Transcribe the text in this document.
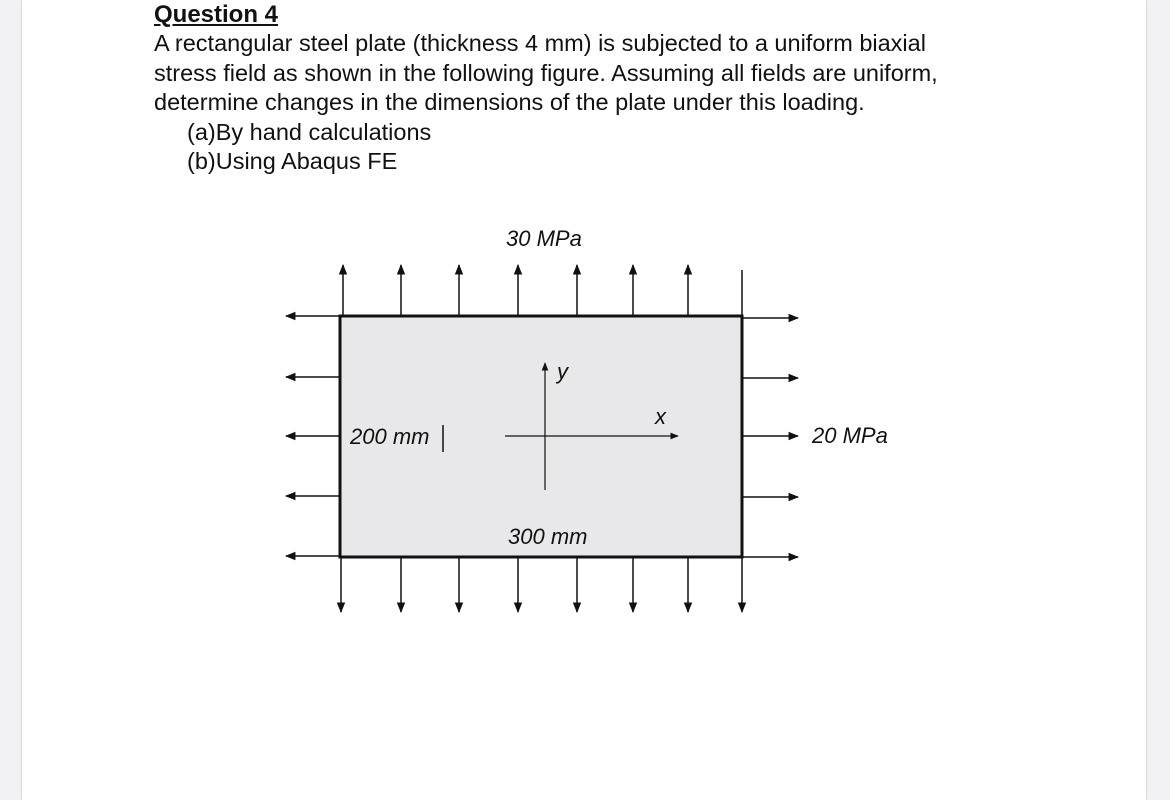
Question 4

A rectangular steel plate (thickness 4 mm) is subjected to a uniform biaxial
stress field as shown in the following figure. Assuming all fields are uniform,
determine changes in the dimensions of the plate under this loading.

(a)By hand calculations
(b)Using Abaqus FE
30 MPa
20 MPa
200 mm
300 mm
y
x
